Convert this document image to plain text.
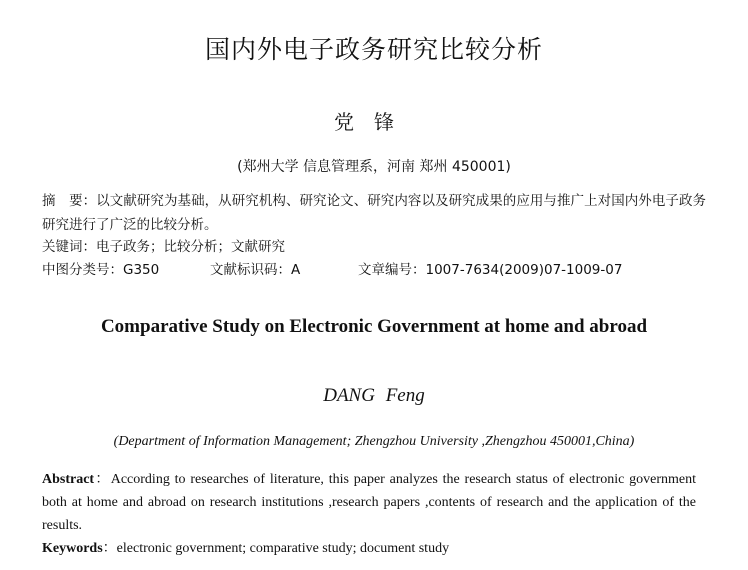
国内外电子政务研究比较分析
党锋
(郑州大学 信息管理系，河南 郑州 450001)
摘　要：以文献研究为基础，从研究机构、研究论文、研究内容以及研究成果的应用与推广上对国内外电子政务研究进行了广泛的比较分析。
关键词：电子政务；比较分析；文献研究
中图分类号：G350	文献标识码：A	文章编号：1007-7634(2009)07-1009-07
Comparative Study on Electronic Government at home and abroad
DANG Feng
(Department of Information Management; Zhengzhou University ,Zhengzhou 450001,China)
Abstract：According to researches of literature, this paper analyzes the research status of electronic government both at home and abroad on research institutions ,research papers ,contents of research and the application of the results.
Keywords：electronic government; comparative study; document study
